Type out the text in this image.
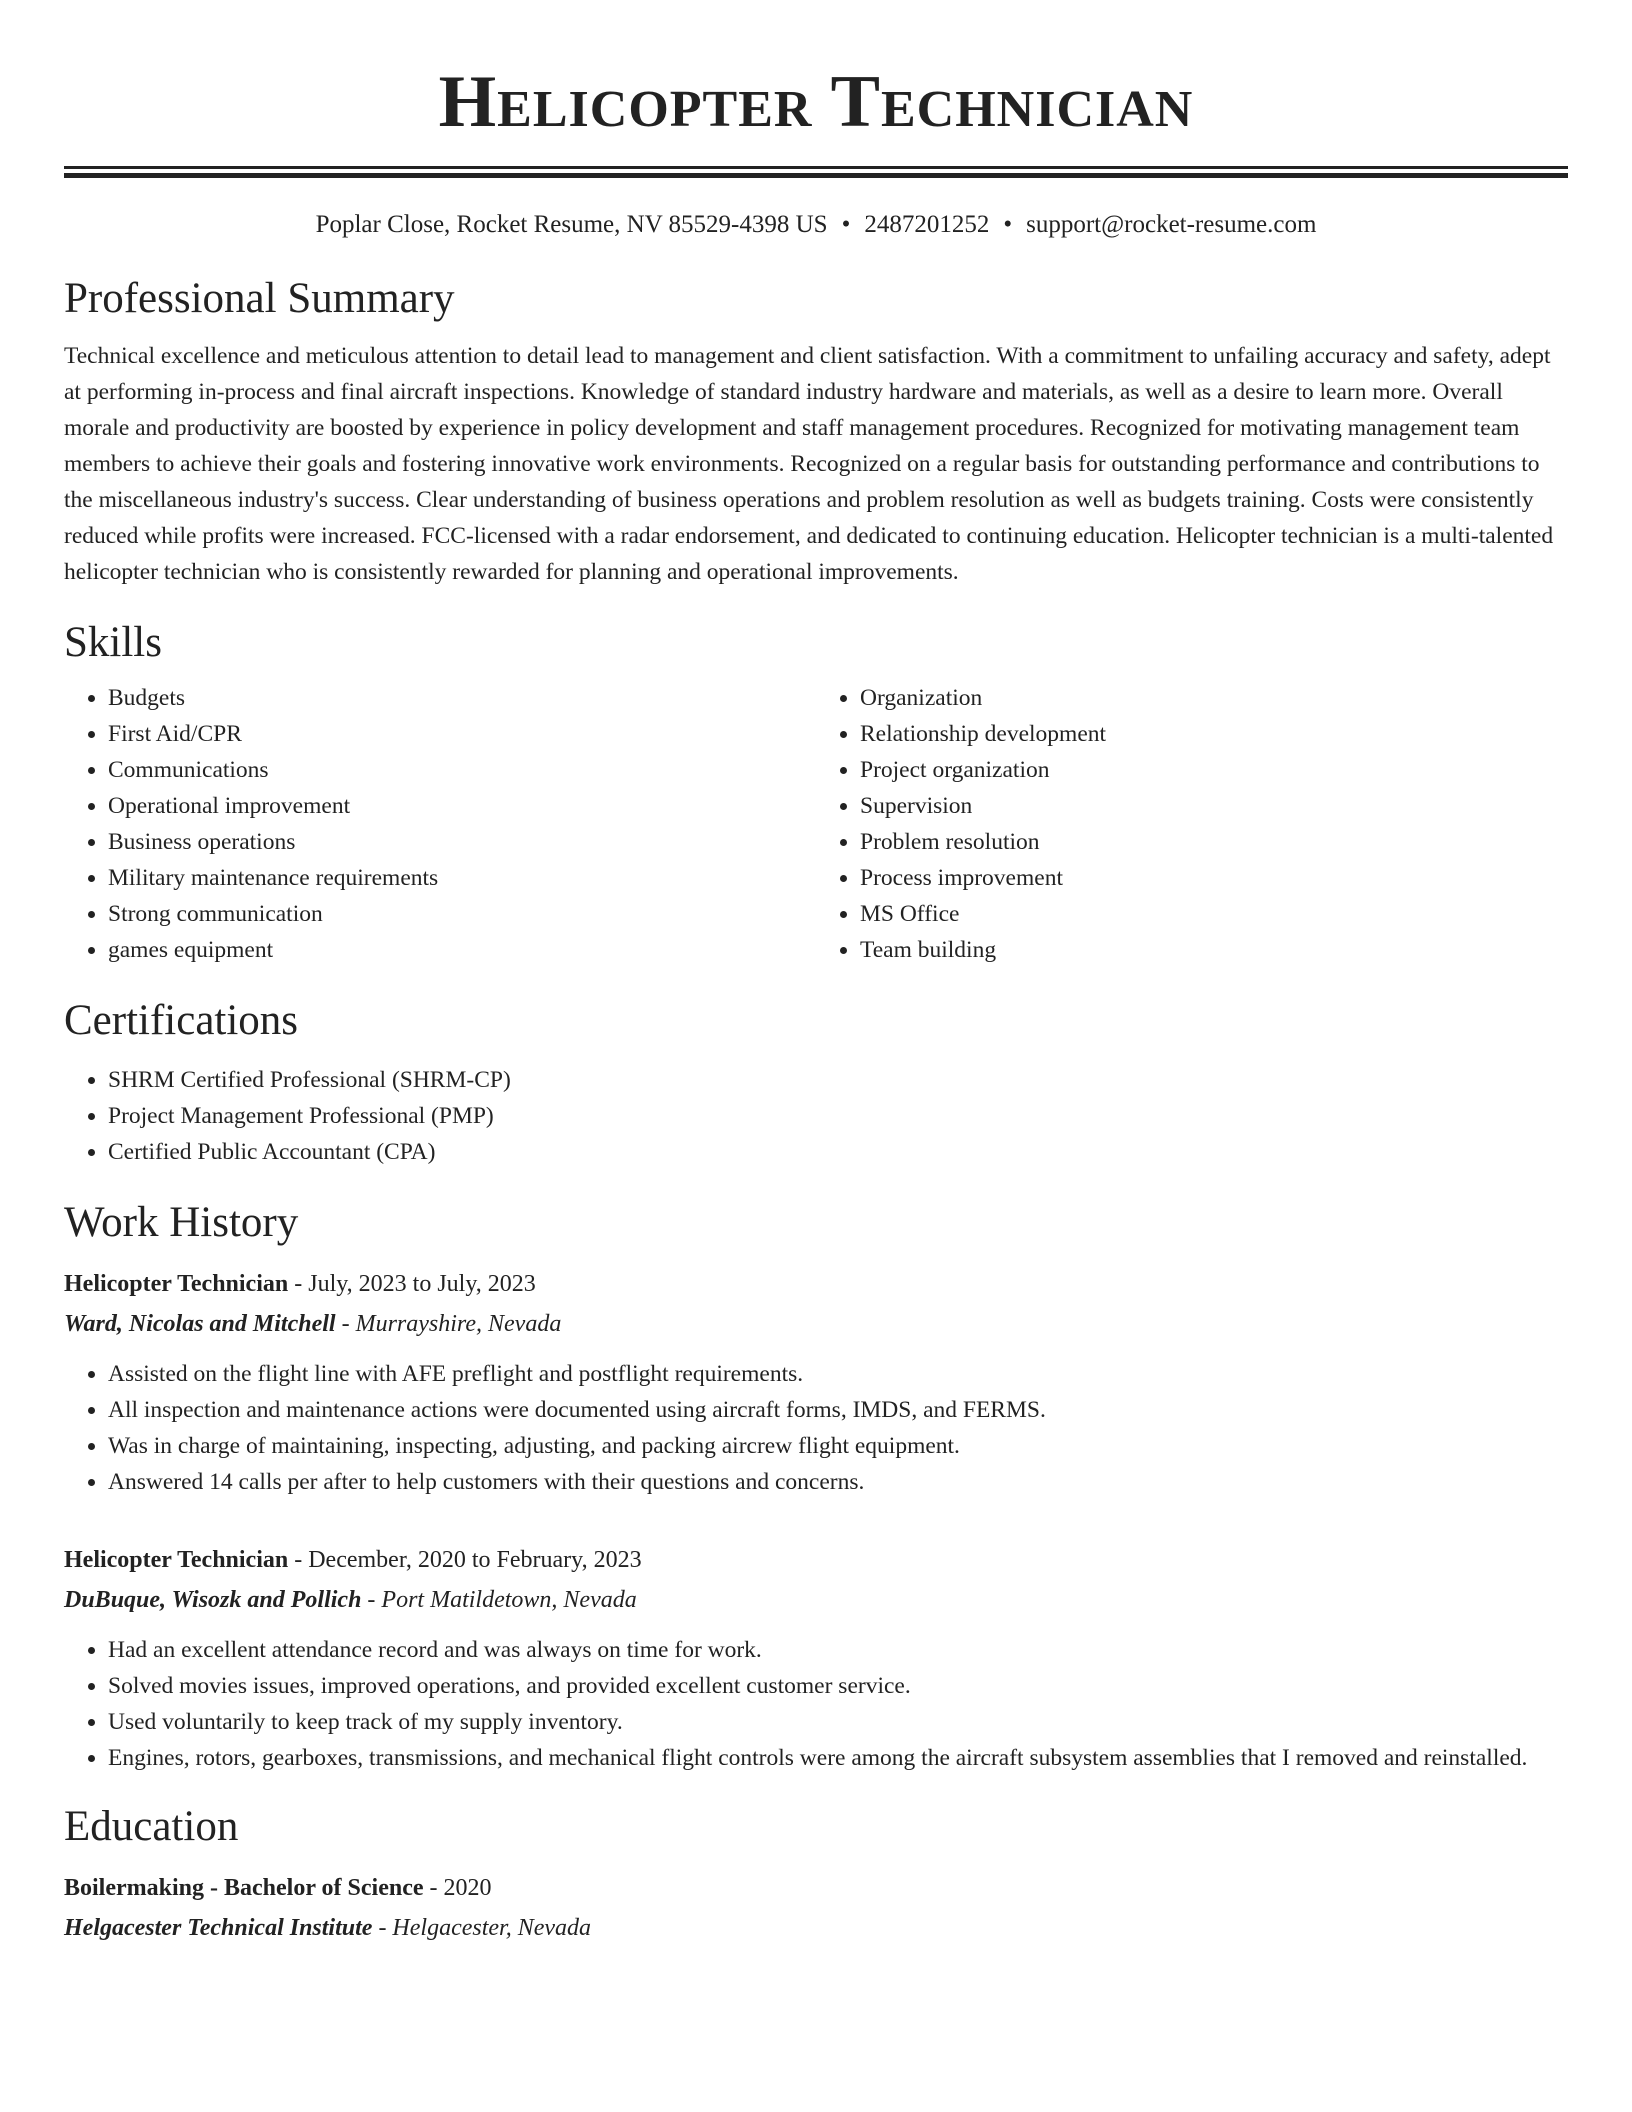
Helicopter Technician
Poplar Close, Rocket Resume, NV 85529-4398 US • 2487201252 • support@rocket-resume.com
Professional Summary

Technical excellence and meticulous attention to detail lead to management and client satisfaction. With a commitment to unfailing accuracy and safety, adept at performing in-process and final aircraft inspections. Knowledge of standard industry hardware and materials, as well as a desire to learn more. Overall morale and productivity are boosted by experience in policy development and staff management procedures. Recognized for motivating management team members to achieve their goals and fostering innovative work environments. Recognized on a regular basis for outstanding performance and contributions to the miscellaneous industry's success. Clear understanding of business operations and problem resolution as well as budgets training. Costs were consistently reduced while profits were increased. FCC-licensed with a radar endorsement, and dedicated to continuing education. Helicopter technician is a multi-talented helicopter technician who is consistently rewarded for planning and operational improvements.

Skills
• Budgets
• First Aid/CPR
• Communications
• Operational improvement
• Business operations
• Military maintenance requirements
• Strong communication
• games equipment
• Organization
• Relationship development
• Project organization
• Supervision
• Problem resolution
• Process improvement
• MS Office
• Team building
Certifications
• SHRM Certified Professional (SHRM-CP)
• Project Management Professional (PMP)
• Certified Public Accountant (CPA)
Work History
Helicopter Technician - July, 2023 to July, 2023
Ward, Nicolas and Mitchell - Murrayshire, Nevada
• Assisted on the flight line with AFE preflight and postflight requirements.
• All inspection and maintenance actions were documented using aircraft forms, IMDS, and FERMS.
• Was in charge of maintaining, inspecting, adjusting, and packing aircrew flight equipment.
• Answered 14 calls per after to help customers with their questions and concerns.
Helicopter Technician - December, 2020 to February, 2023
DuBuque, Wisozk and Pollich - Port Matildetown, Nevada
• Had an excellent attendance record and was always on time for work.
• Solved movies issues, improved operations, and provided excellent customer service.
• Used voluntarily to keep track of my supply inventory.
• Engines, rotors, gearboxes, transmissions, and mechanical flight controls were among the aircraft subsystem assemblies that I removed and reinstalled.
Education
Boilermaking - Bachelor of Science - 2020
Helgacester Technical Institute - Helgacester, Nevada
